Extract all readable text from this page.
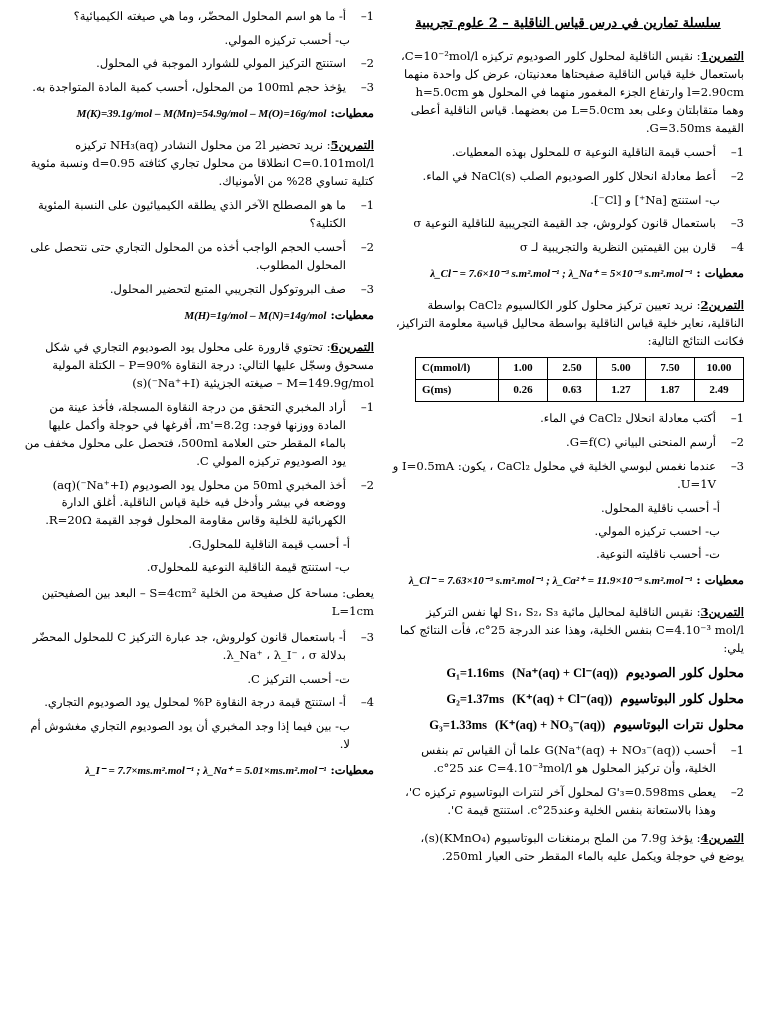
سلسلة تمارين في درس قياس الناقلية – 2 علوم تجريبية

التمرين1: نقيس الناقلية لمحلول كلور الصوديوم تركيزه C=10⁻²mol/l، باستعمال خلية قياس الناقلية صفيحتاها معدنيتان، عرض كل واحدة منهما l=2.90cm وارتفاع الجزء المغمور منهما في المحلول هو h=5.0cm وهما متقابلتان وعلى بعد L=5.0cm من بعضهما. قياس الناقلية أعطى القيمة G=3.50ms.

1–
أحسب قيمة الناقلية النوعية σ للمحلول بهذه المعطيات.
2–
أعط معادلة انحلال كلور الصوديوم الصلب NaCl(s) في الماء.
ب- استنتج [Na⁺] و [Cl⁻].
3–
باستعمال قانون كولروش، جد القيمة التجريبية للناقلية النوعية σ
4–
قارن بين القيمتين النظرية والتجريبية لـ σ
معطيات : λ_Cl⁻ = 7.6×10⁻³ s.m².mol⁻¹ ; λ_Na⁺ = 5×10⁻³ s.m².mol⁻¹

التمرين2: نريد تعيين تركيز محلول كلور الكالسيوم CaCl₂ بواسطة الناقلية، نعاير خلية قياس الناقلية بواسطة محاليل قياسية معلومة التراكيز، فكانت النتائج التالية:

C(mmol/l)	1.00	2.50	5.00	7.50	10.00
G(ms)	0.26	0.63	1.27	1.87	2.49
1–
أكتب معادلة انحلال CaCl₂ في الماء.
2–
أرسم المنحنى البياني G=f(C).
3–
عندما نغمس لبوسي الخلية في محلول CaCl₂ ، يكون: I=0.5mA و U=1V.
أ- أحسب ناقلية المحلول.
ب- احسب تركيزه المولي.
ت- أحسب ناقليته النوعية.
معطيات : λ_Cl⁻ = 7.63×10⁻³ s.m².mol⁻¹ ; λ_Ca²⁺ = 11.9×10⁻³ s.m².mol⁻¹

التمرين3: نقيس الناقلية لمحاليل مائية S₁، S₂، S₃ لها نفس التركيز C=4.10⁻³ mol/l بنفس الخلية، وهذا عند الدرجة 25°c، فأت النتائج كما يلي:

محلول كلور الصوديوم
(Na⁺(aq) + Cl⁻(aq))
G₁=1.16ms
محلول كلور البوتاسيوم
(K⁺(aq) + Cl⁻(aq))
G₂=1.37ms
محلول نترات البوتاسيوم
(K⁺(aq) + NO₃⁻(aq))
G₃=1.33ms
1–
أحسب G(Na⁺(aq) + NO₃⁻(aq)) علما أن القياس تم بنفس الخلية، وأن تركيز المحلول هو C=4.10⁻³mol/l عند 25°c.
2–
يعطى G'₃=0.598ms لمحلول آخر لنترات البوتاسيوم تركيزه C'، وهذا بالاستعانة بنفس الخلية وعند25°c. استنتج قيمة C'.

التمرين4: يؤخذ 7.9g من الملح برمنغنات البوتاسيوم (KMnO₄)(s)، يوضع في حوجلة ويكمل عليه بالماء المقطر حتى العيار 250ml.

1–
أ- ما هو اسم المحلول المحضّر، وما هي صيغته الكيميائية؟
ب- أحسب تركيزه المولي.
2–
استنتج التركيز المولي للشوارد الموجبة في المحلول.
3–
يؤخذ حجم 100ml من المحلول، أحسب كمية المادة المتواجدة به.
معطيات: M(K)=39.1g/mol – M(Mn)=54.9g/mol – M(O)=16g/mol

التمرين5: نريد تحضير 2l من محلول النشادر NH₃(aq) تركيزه C=0.101mol/l انطلاقا من محلول تجاري كثافته d=0.95 ونسبة مئوية كتلية تساوي 28% من الأمونياك.

1–
ما هو المصطلح الآخر الذي يطلقه الكيميائيون على النسبة المئوية الكتلية؟
2–
أحسب الحجم الواجب أخذه من المحلول التجاري حتى نتحصل على المحلول المطلوب.
3–
صف البروتوكول التجريبي المتبع لتحضير المحلول.
معطيات: M(H)=1g/mol – M(N)=14g/mol

التمرين6: تحتوي قارورة على محلول يود الصوديوم التجاري في شكل مسحوق وسجّل عليها التالي: درجة النقاوة P=90% – الكتلة المولية M=149.9g/mol – صيغته الجزيئية (Na⁺+I⁻)(s)

1–
أراد المخبري التحقق من درجة النقاوة المسجلة، فأخذ عينة من المادة ووزنها فوجد: m'=8.2g، أفرغها في حوجلة وأكمل عليها بالماء المقطر حتى العلامة 500ml، فتحصل على محلول مخفف من يود الصوديوم تركيزه المولي C.
2–
أخذ المخبري 50ml من محلول يود الصوديوم (Na⁺+I⁻)(aq) ووضعه في بيشر وأدخل فيه خلية قياس الناقلية. أغلق الدارة الكهربائية للخلية وقاس مقاومة المحلول فوجد القيمة R=20Ω.
أ- أحسب قيمة الناقلية للمحلولG.
ب- استنتج قيمة الناقلية النوعية للمحلولσ.

يعطى: مساحة كل صفيحة من الخلية S=4cm² – البعد بين الصفيحتين L=1cm

3–
أ- باستعمال قانون كولروش، جد عبارة التركيز C للمحلول المحضّر بدلالة λ_Na⁺ ، λ_I⁻ ، σ.
ت- أحسب التركيز C.
4–
أ- استنتج قيمة درجة النقاوة P% لمحلول يود الصوديوم التجاري.
ب- بين فيما إذا وجد المخبري أن يود الصوديوم التجاري مغشوش أم لا.
معطيات: λ_I⁻ = 7.7×ms.m².mol⁻¹ ; λ_Na⁺ = 5.01×ms.m².mol⁻¹
